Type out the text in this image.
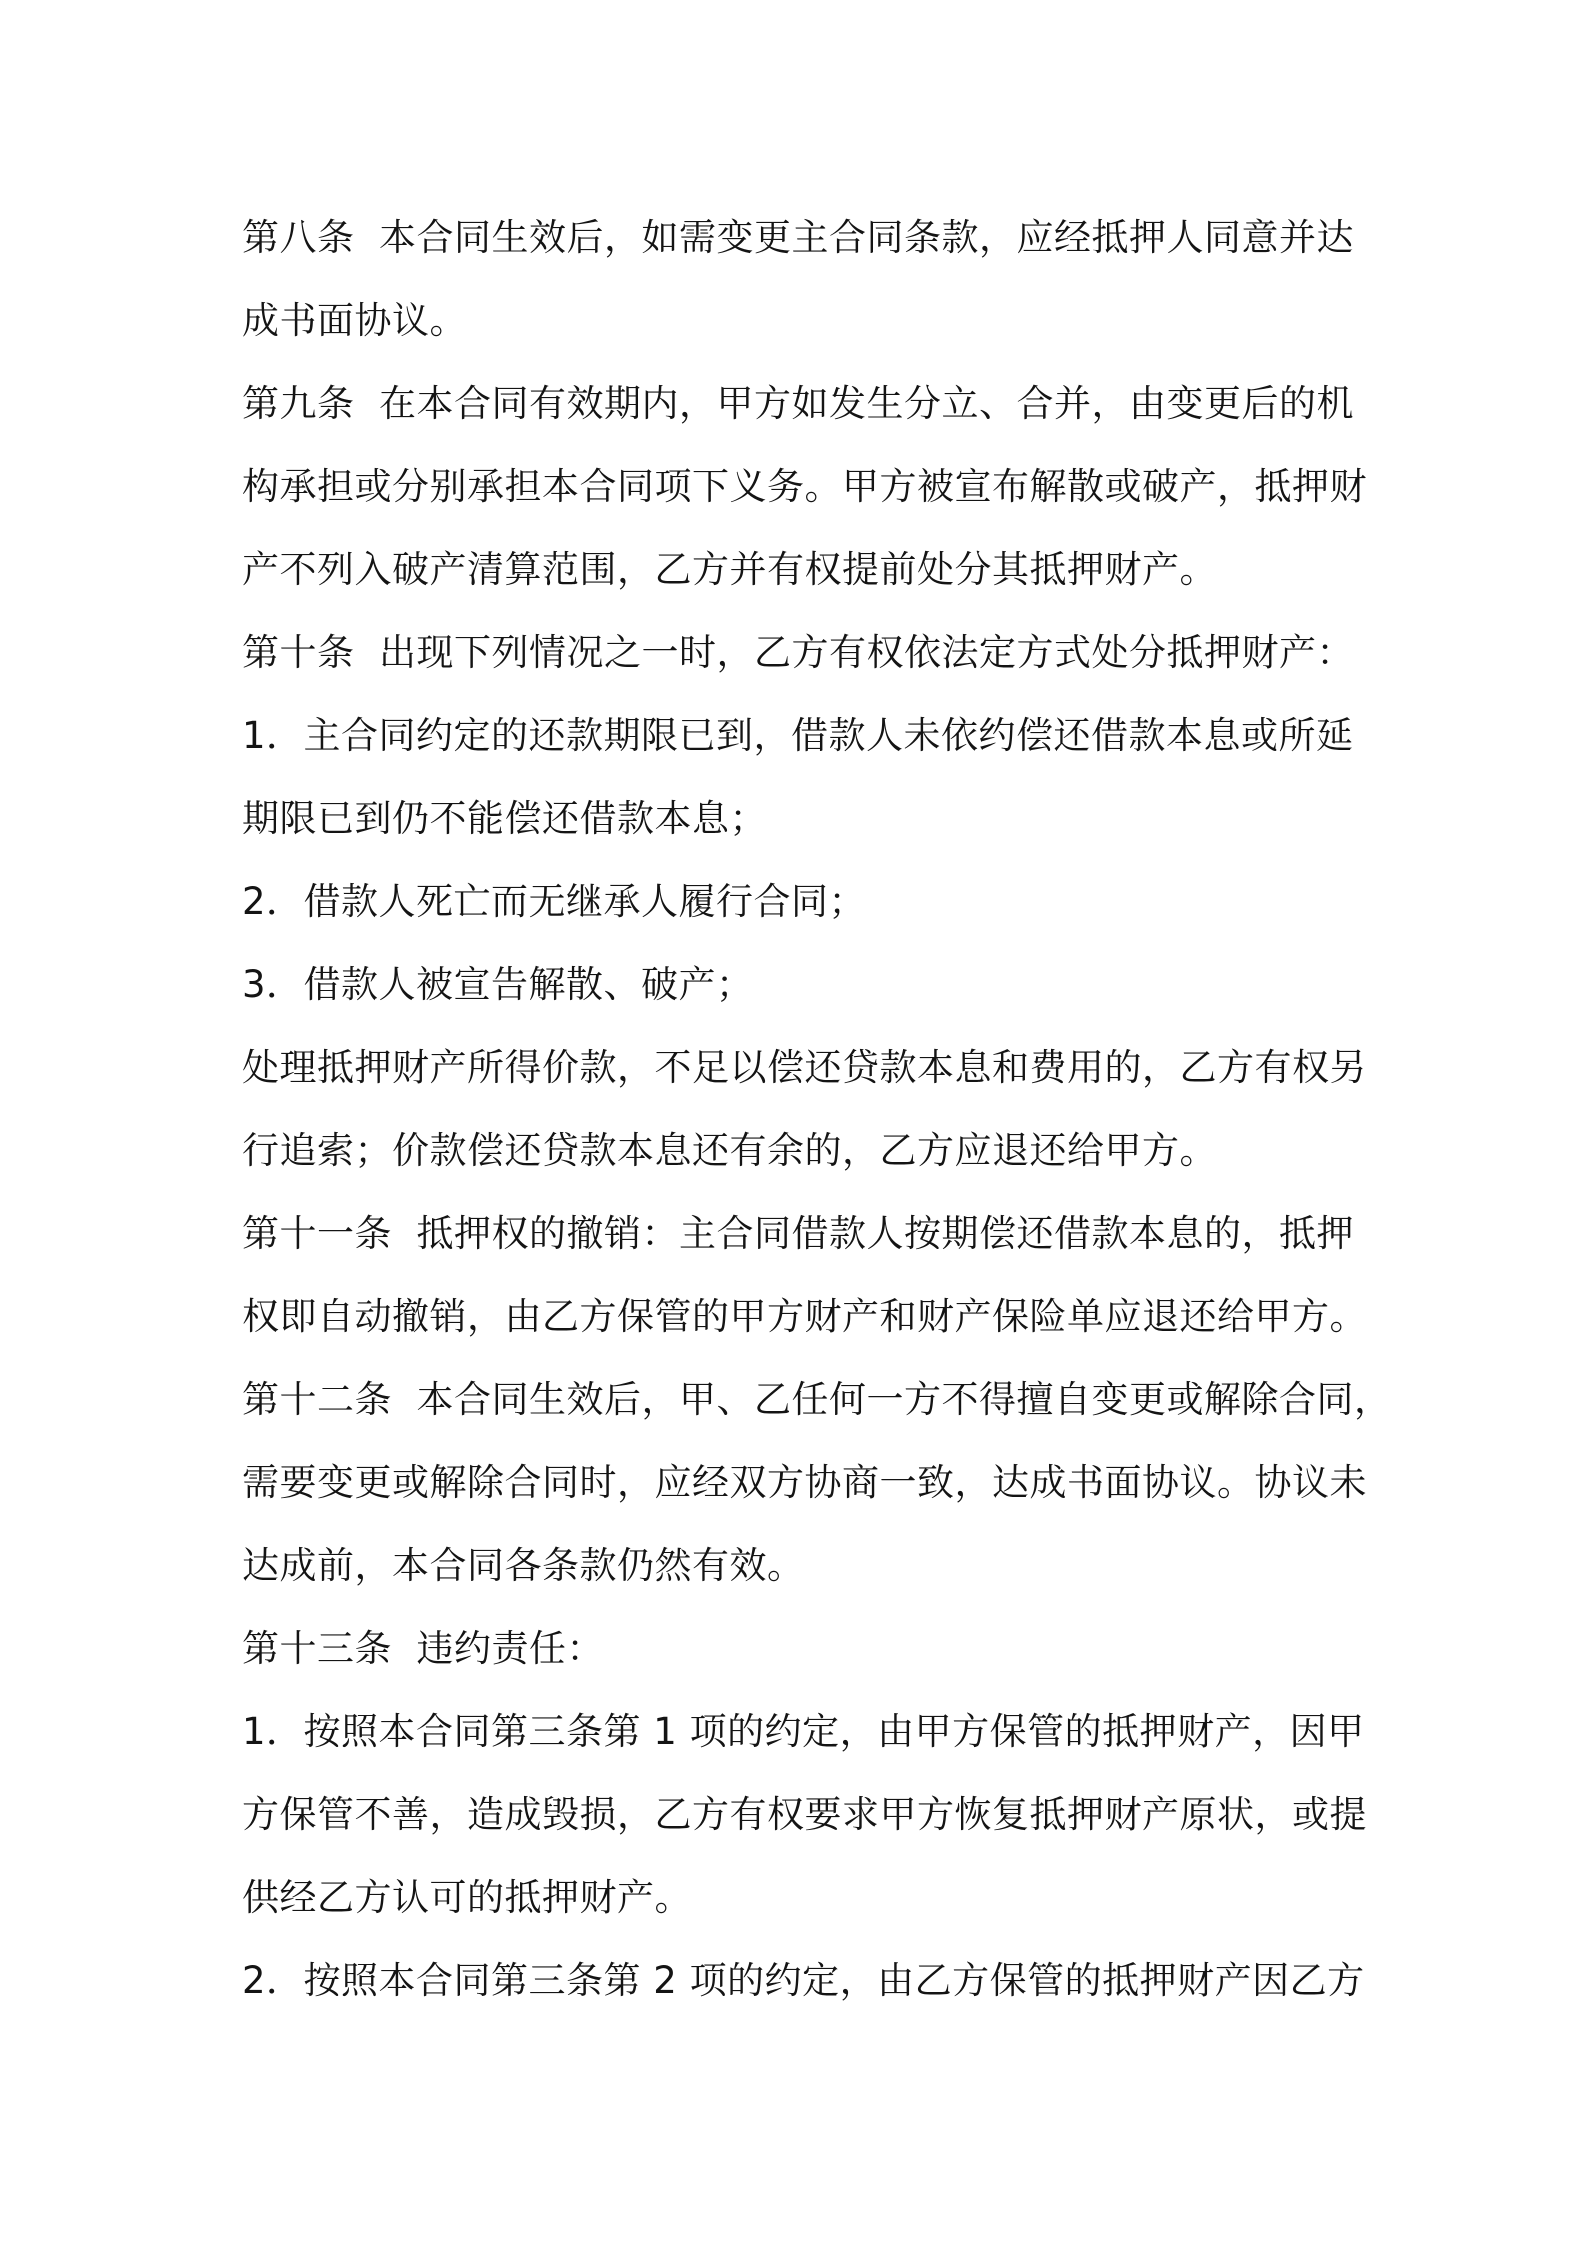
第八条  本合同生效后，如需变更主合同条款，应经抵押人同意并达
成书面协议。
第九条  在本合同有效期内，甲方如发生分立、合并，由变更后的机
构承担或分别承担本合同项下义务。甲方被宣布解散或破产，抵押财
产不列入破产清算范围，乙方并有权提前处分其抵押财产。
第十条  出现下列情况之一时，乙方有权依法定方式处分抵押财产：
1．主合同约定的还款期限已到，借款人未依约偿还借款本息或所延
期限已到仍不能偿还借款本息；
2．借款人死亡而无继承人履行合同；
3．借款人被宣告解散、破产；
处理抵押财产所得价款，不足以偿还贷款本息和费用的，乙方有权另
行追索；价款偿还贷款本息还有余的，乙方应退还给甲方。
第十一条  抵押权的撤销：主合同借款人按期偿还借款本息的，抵押
权即自动撤销，由乙方保管的甲方财产和财产保险单应退还给甲方。
第十二条  本合同生效后，甲、乙任何一方不得擅自变更或解除合同，
需要变更或解除合同时，应经双方协商一致，达成书面协议。协议未
达成前，本合同各条款仍然有效。
第十三条  违约责任：
1．按照本合同第三条第 1 项的约定，由甲方保管的抵押财产，因甲
方保管不善，造成毁损，乙方有权要求甲方恢复抵押财产原状，或提
供经乙方认可的抵押财产。
2．按照本合同第三条第 2 项的约定，由乙方保管的抵押财产因乙方
